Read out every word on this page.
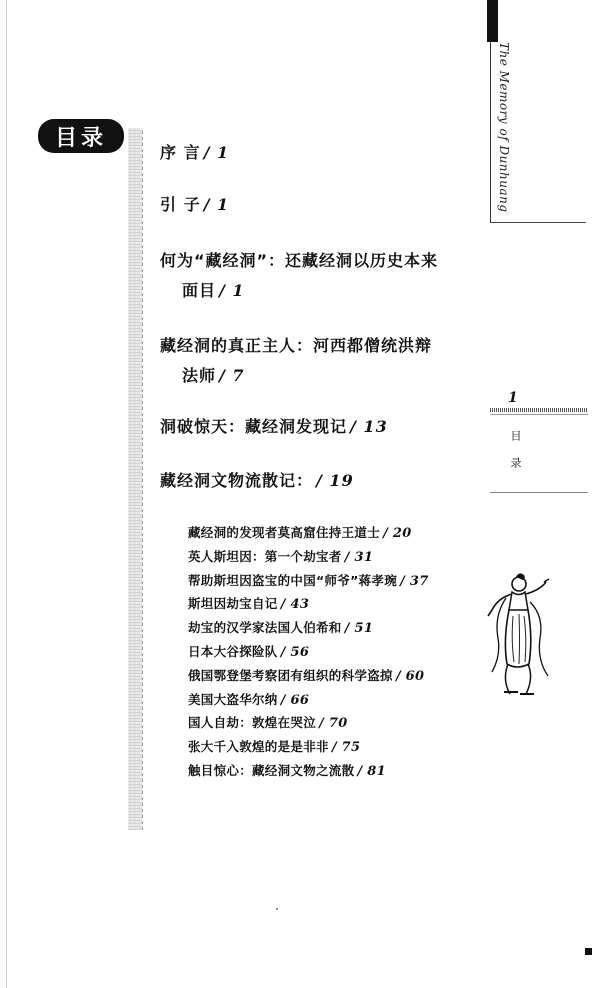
目录	The Memory of Dunhuang
1
目录
序 言 / 1
引 子 / 1
何为“藏经洞”：还藏经洞以历史本来
面目 / 1
藏经洞的真正主人：河西都僧统洪辩
法师 / 7
洞破惊天：藏经洞发现记 / 13
藏经洞文物流散记： / 19
藏经洞的发现者莫高窟住持王道士 / 20
英人斯坦因：第一个劫宝者 / 31
帮助斯坦因盗宝的中国“师爷”蒋孝琬 / 37
斯坦因劫宝自记 / 43
劫宝的汉学家法国人伯希和 / 51
日本大谷探险队 / 56
俄国鄂登堡考察团有组织的科学盗掠 / 60
美国大盗华尔纳 / 66
国人自劫：敦煌在哭泣 / 70
张大千入敦煌的是是非非 / 75
触目惊心：藏经洞文物之流散 / 81
